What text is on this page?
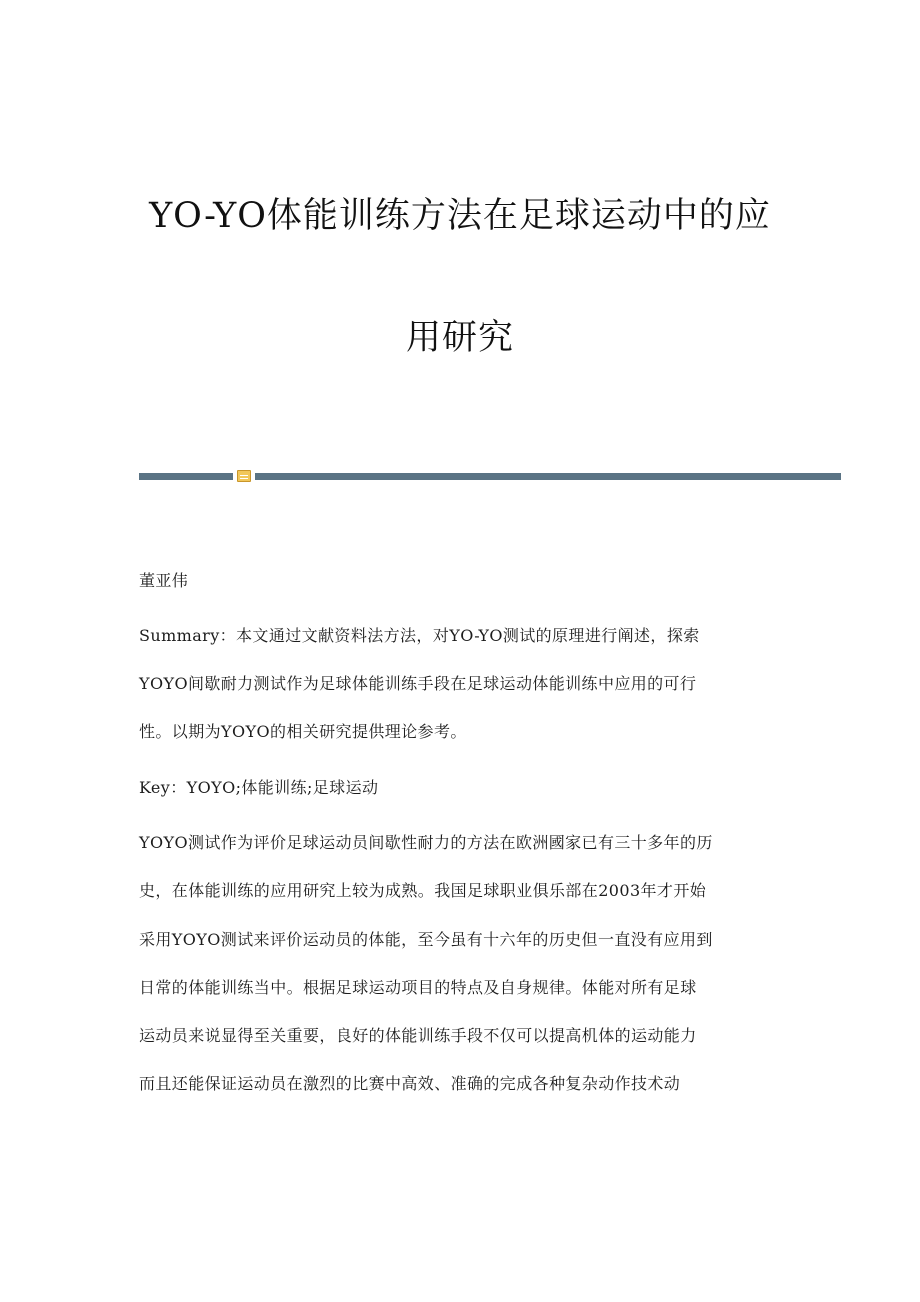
YO-YO体能训练方法在足球运动中的应
用研究
董亚伟
Summary：本文通过文献资料法方法，对YO-YO测试的原理进行阐述，探索
YOYO间歇耐力测试作为足球体能训练手段在足球运动体能训练中应用的可行
性。以期为YOYO的相关研究提供理论参考。
Key：YOYO;体能训练;足球运动
YOYO测试作为评价足球运动员间歇性耐力的方法在欧洲國家已有三十多年的历
史，在体能训练的应用研究上较为成熟。我国足球职业俱乐部在2003年才开始
采用YOYO测试来评价运动员的体能，至今虽有十六年的历史但一直没有应用到
日常的体能训练当中。根据足球运动项目的特点及自身规律。体能对所有足球
运动员来说显得至关重要，良好的体能训练手段不仅可以提高机体的运动能力
而且还能保证运动员在激烈的比赛中高效、准确的完成各种复杂动作技术动
